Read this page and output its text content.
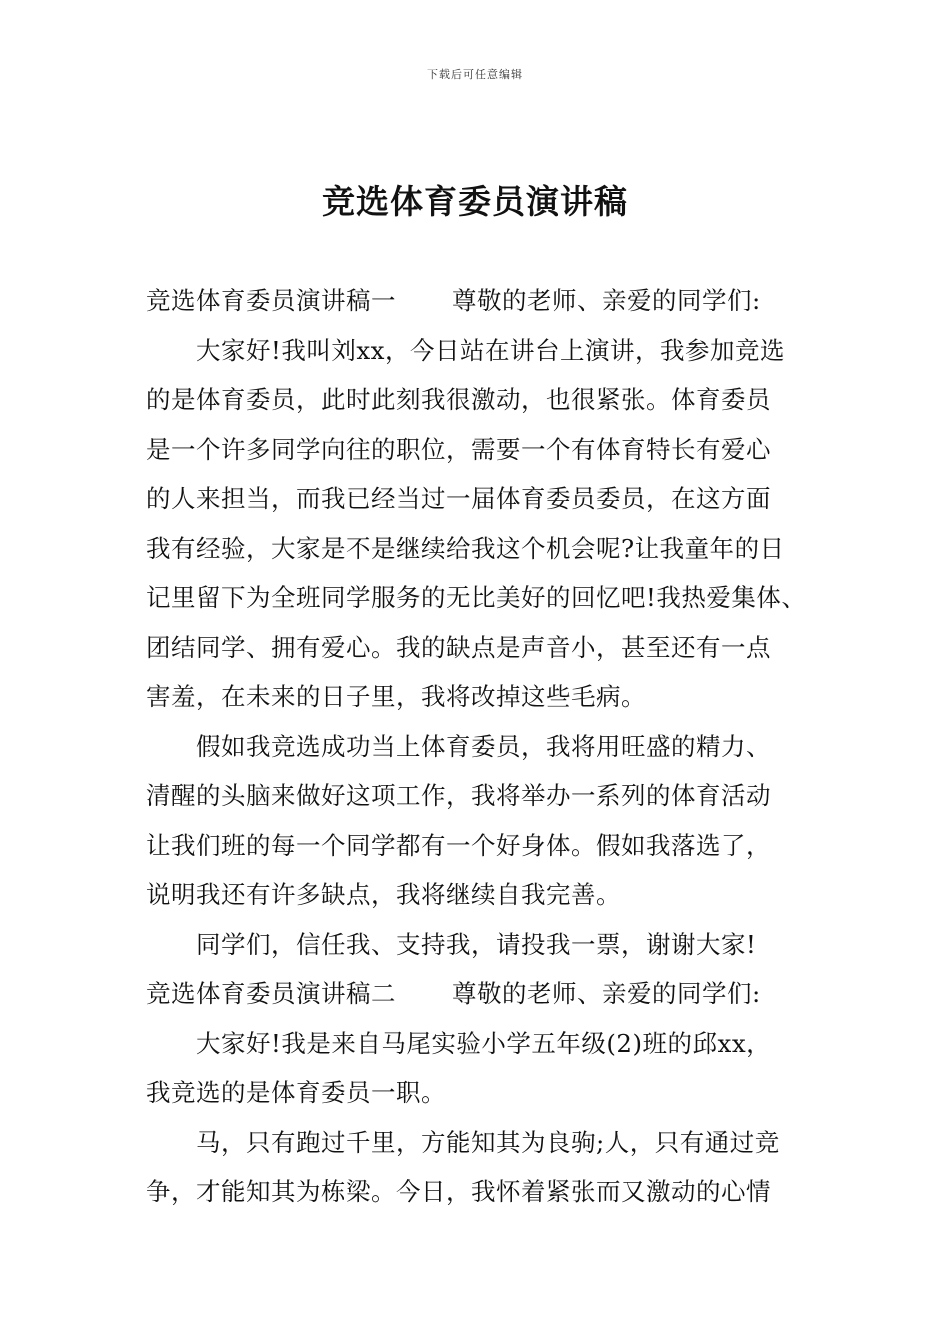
下载后可任意编辑
竞选体育委员演讲稿
竞选体育委员演讲稿一	尊敬的老师、亲爱的同学们:
大家好!我叫刘xx，今日站在讲台上演讲，我参加竞选
的是体育委员，此时此刻我很激动，也很紧张。体育委员
是一个许多同学向往的职位，需要一个有体育特长有爱心
的人来担当，而我已经当过一届体育委员委员，在这方面
我有经验，大家是不是继续给我这个机会呢?让我童年的日
记里留下为全班同学服务的无比美好的回忆吧!我热爱集体、
团结同学、拥有爱心。我的缺点是声音小，甚至还有一点
害羞，在未来的日子里，我将改掉这些毛病。
假如我竞选成功当上体育委员，我将用旺盛的精力、
清醒的头脑来做好这项工作，我将举办一系列的体育活动
让我们班的每一个同学都有一个好身体。假如我落选了，
说明我还有许多缺点，我将继续自我完善。
同学们，信任我、支持我，请投我一票，谢谢大家!
竞选体育委员演讲稿二	尊敬的老师、亲爱的同学们:
大家好!我是来自马尾实验小学五年级(2)班的邱xx，
我竞选的是体育委员一职。
马，只有跑过千里，方能知其为良驹;人，只有通过竞
争，才能知其为栋梁。今日，我怀着紧张而又激动的心情
